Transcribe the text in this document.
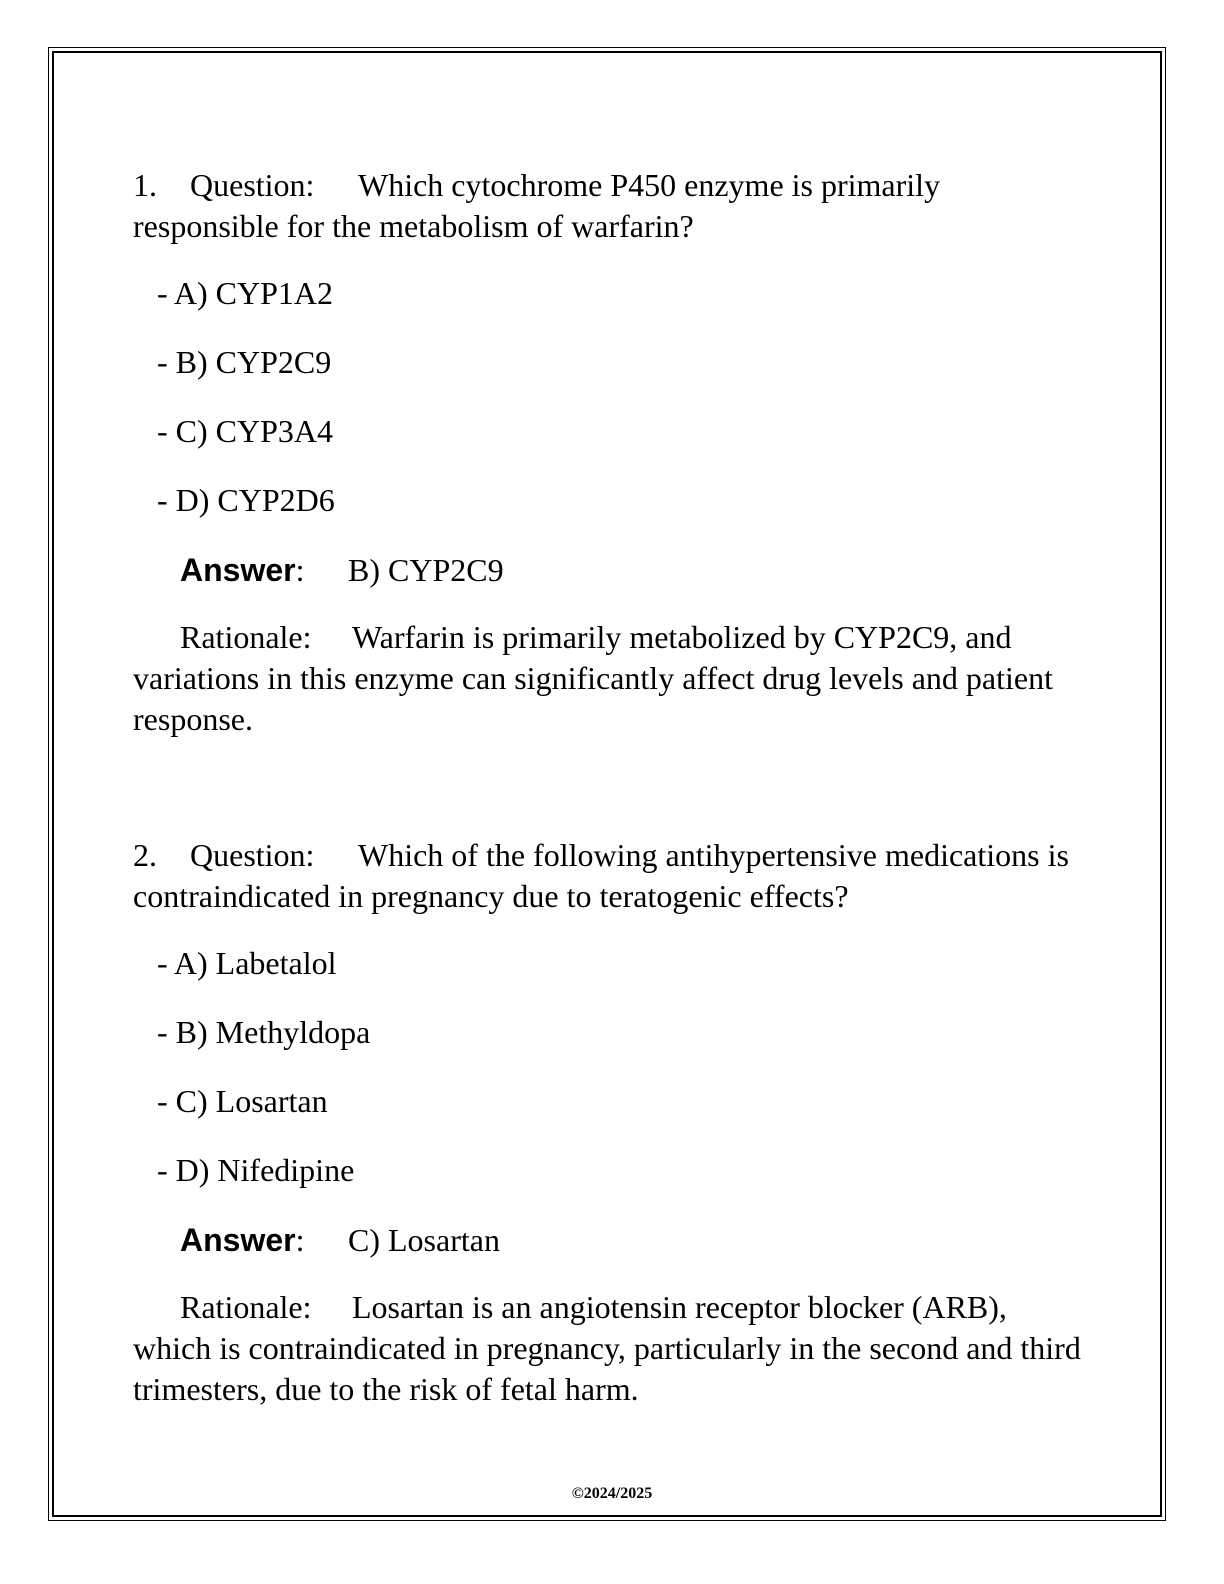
1. Question: Which cytochrome P450 enzyme is primarily responsible for the metabolism of warfarin?

- A) CYP1A2
- B) CYP2C9
- C) CYP3A4
- D) CYP2D6
Answer: B) CYP2C9

Rationale: Warfarin is primarily metabolized by CYP2C9, and variations in this enzyme can significantly affect drug levels and patient response.

2. Question: Which of the following antihypertensive medications is contraindicated in pregnancy due to teratogenic effects?

- A) Labetalol
- B) Methyldopa
- C) Losartan
- D) Nifedipine
Answer: C) Losartan

Rationale: Losartan is an angiotensin receptor blocker (ARB), which is contraindicated in pregnancy, particularly in the second and third trimesters, due to the risk of fetal harm.

©2024/2025
